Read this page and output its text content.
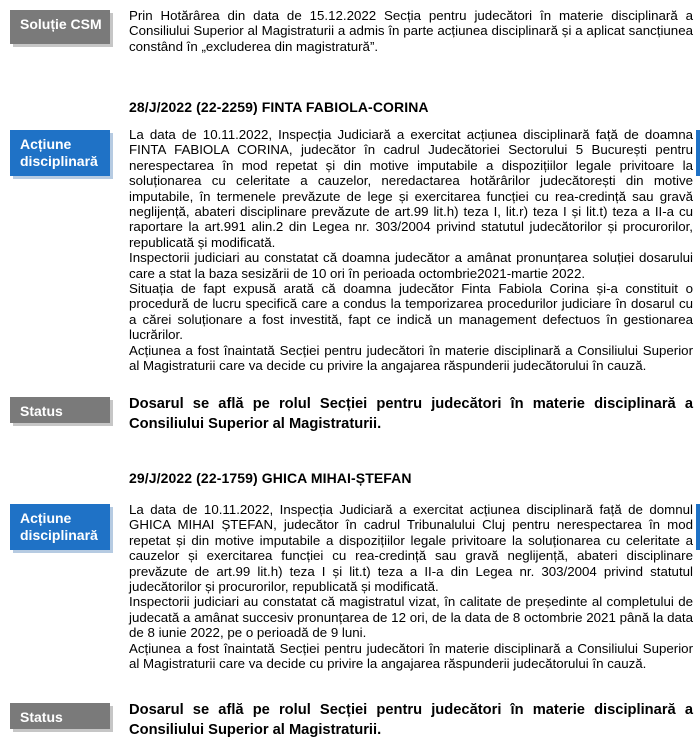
Soluție CSM

Prin Hotărârea din data de 15.12.2022 Secția pentru judecători în materie disciplinară a Consiliului Superior al Magistraturii a admis în parte acțiunea disciplinară și a aplicat sancțiunea constând în „excluderea din magistratură”.

28/J/2022 (22-2259) FINTA FABIOLA-CORINA
Acțiune disciplinară

La data de 10.11.2022, Inspecția Judiciară a exercitat acțiunea disciplinară față de doamna FINTA FABIOLA CORINA, judecător în cadrul Judecătoriei Sectorului 5 București pentru nerespectarea în mod repetat și din motive imputabile a dispozițiilor legale privitoare la soluționarea cu celeritate a cauzelor, neredactarea hotărârilor judecătorești din motive imputabile, în termenele prevăzute de lege și exercitarea funcției cu rea-credință sau gravă neglijență, abateri disciplinare prevăzute de art.99 lit.h) teza I, lit.r) teza I și lit.t) teza a II-a cu raportare la art.991 alin.2 din Legea nr. 303/2004 privind statutul judecătorilor și procurorilor, republicată și modificată.

Inspectorii judiciari au constatat că doamna judecător a amânat pronunțarea soluției dosarului care a stat la baza sesizării de 10 ori în perioada octombrie2021-martie 2022.

Situația de fapt expusă arată că doamna judecător Finta Fabiola Corina și-a constituit o procedură de lucru specifică care a condus la temporizarea procedurilor judiciare în dosarul cu a cărei soluționare a fost investită, fapt ce indică un management defectuos în gestionarea lucrărilor.

Acțiunea a fost înaintată Secției pentru judecători în materie disciplinară a Consiliului Superior al Magistraturii care va decide cu privire la angajarea răspunderii judecătorului în cauză.

Status	Dosarul se află pe rolul Secției pentru judecători în materie disciplinară a Consiliului Superior al Magistraturii.
29/J/2022 (22-1759) GHICA MIHAI-ȘTEFAN
Acțiune disciplinară

La data de 10.11.2022, Inspecția Judiciară a exercitat acțiunea disciplinară față de domnul GHICA MIHAI ȘTEFAN, judecător în cadrul Tribunalului Cluj pentru nerespectarea în mod repetat și din motive imputabile a dispozițiilor legale privitoare la soluționarea cu celeritate a cauzelor și exercitarea funcției cu rea-credință sau gravă neglijență, abateri disciplinare prevăzute de art.99 lit.h) teza I și lit.t) teza a II-a din Legea nr. 303/2004 privind statutul judecătorilor și procurorilor, republicată și modificată.

Inspectorii judiciari au constatat că magistratul vizat, în calitate de președinte al completului de judecată a amânat succesiv pronunțarea de 12 ori, de la data de 8 octombrie 2021 până la data de 8 iunie 2022, pe o perioadă de 9 luni.

Acțiunea a fost înaintată Secției pentru judecători în materie disciplinară a Consiliului Superior al Magistraturii care va decide cu privire la angajarea răspunderii judecătorului în cauză.

Status	Dosarul se află pe rolul Secției pentru judecători în materie disciplinară a Consiliului Superior al Magistraturii.
